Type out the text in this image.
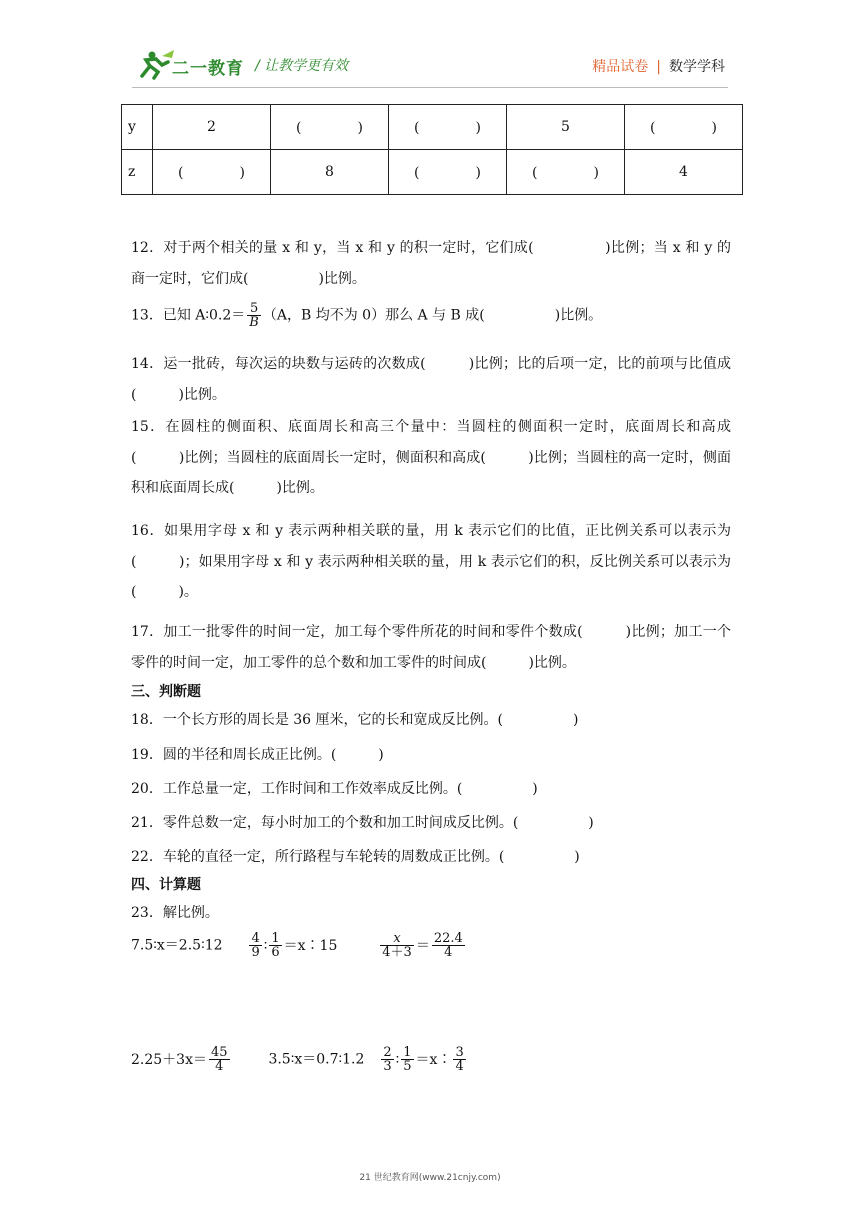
二一教育 / 让教学更有效	精品试卷 | 数学学科
y	2	(　　　　)	(　　　　)	5	(　　　　)
z	(　　　　)	8	(　　　　)	(　　　　)	4
12．对于两个相关的量 x 和 y，当 x 和 y 的积一定时，它们成(　　　　　)比例；当 x 和 y 的商一定时，它们成(　　　　　)比例。
13．已知 A∶0.2＝ $\frac{5}{B} (A$，B 均不为 0）那么 A 与 B 成(　　　　　)比例。
14．运一批砖，每次运的块数与运砖的次数成(　　　)比例；比的后项一定，比的前项与比值成(　　　)比例。
15．在圆柱的侧面积、底面周长和高三个量中：当圆柱的侧面积一定时，底面周长和高成(　　　)比例；当圆柱的底面周长一定时，侧面积和高成(　　　)比例；当圆柱的高一定时，侧面积和底面周长成(　　　)比例。
16．如果用字母 x 和 y 表示两种相关联的量，用 k 表示它们的比值，正比例关系可以表示为(　　　)；如果用字母 x 和 y 表示两种相关联的量，用 k 表示它们的积，反比例关系可以表示为(　　　)。
17．加工一批零件的时间一定，加工每个零件所花的时间和零件个数成(　　　)比例；加工一个零件的时间一定，加工零件的总个数和加工零件的时间成(　　　)比例。
三、判断题
18．一个长方形的周长是 36 厘米，它的长和宽成反比例。(　　　　　)
19．圆的半径和周长成正比例。(　　　)
20．工作总量一定，工作时间和工作效率成反比例。(　　　　　)
21．零件总数一定，每小时加工的个数和加工时间成反比例。(　　　　　)
22．车轮的直径一定，所行路程与车轮转的周数成正比例。(　　　　　)
四、计算题
23．解比例。
7.5∶x＝2.5∶12 $\frac{4}{9}$ ∶ $\frac{1}{6}$ ＝x∶15	$\frac{x}{4+3} = \frac{22.4}{4}$
$2.25+3x= \frac{45}{4}$	3.5∶x＝0.7∶1.2 $\frac{2}{3}$ ∶ $\frac{1}{5}$ ＝x∶ $\frac{3}{4}$
21 世纪教育网(www.21cnjy.com)
